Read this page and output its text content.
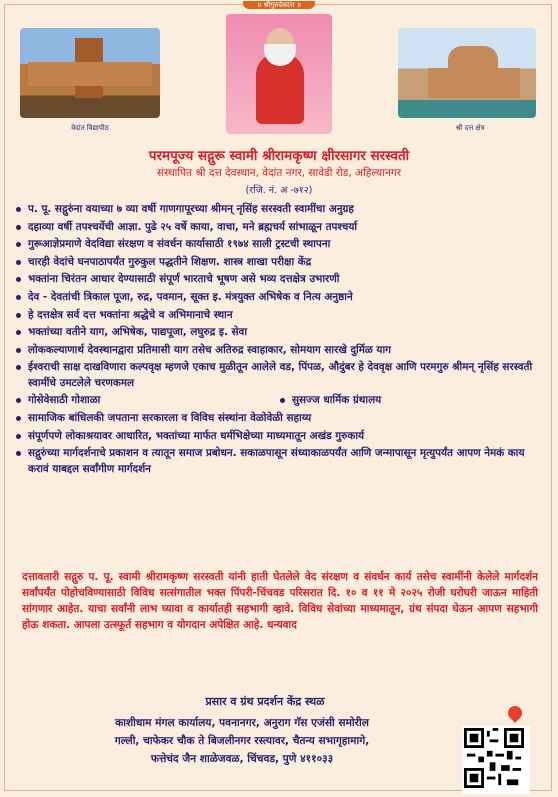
॥ श्रीगुरुदेवदत्त ॥
वेदांत विद्यापीठ	श्री दत्त क्षेत्र
परमपूज्य सद्गुरू स्वामी श्रीरामकृष्ण क्षीरसागर सरस्वती
संस्थापित श्री दत्त देवस्थान, वेदांत नगर, सावेडी रोड, अहिल्यानगर
(रजि. नं. अ -७१२)
प. पू. सद्गुरुंना वयाच्या ७ व्या वर्षी गाणगापूरच्या श्रीमन् नृसिंह सरस्वती स्वामींचा अनुग्रह
दहाव्या वर्षी तपश्चर्येची आज्ञा. पुढे २५ वर्षे काया, वाचा, मने ब्रह्मचर्य सांभाळून तपश्चर्या
गुरूआज्ञेप्रमाणे वेदविद्या संरक्षण व संवर्धन कार्यासाठी १९७४ साली ट्रस्टची स्थापना
चारही वेदांचे घनपाठापर्यंत गुरुकुल पद्धतीने शिक्षण. शास्त्र शाखा परीक्षा केंद्र
भक्तांना चिरंतन आधार देण्यासाठी संपूर्ण भारताचे भूषण असे भव्य दत्तक्षेत्र उभारणी
देव - देवतांची त्रिकाल पूजा, रुद्र, पवमान, सूक्त इ. मंत्रयुक्त अभिषेक व नित्य अनुष्ठाने
हे दत्तक्षेत्र सर्व दत्त भक्तांना श्रद्धेचे व अभिमानाचे स्थान
भक्तांच्या वतीने याग, अभिषेक, पाद्यपूजा, लघुरुद्र इ. सेवा
लोककल्याणार्थ देवस्थानद्वारा प्रतिमासी याग तसेच अतिरुद्र स्वाहाकार, सोमयाग सारखे दुर्मिळ याग
ईश्वराची साक्ष दाखविणारा कल्पवृक्ष म्हणजे एकाच मुळीतून आलेले वड, पिंपळ, औदुंबर हे देववृक्ष आणि परमगुरु श्रीमन् नृसिंह सरस्वती स्वामींचे उमटलेले चरणकमल
गोसेवेसाठी गोशाळा	सुसज्ज धार्मिक ग्रंथालय
सामाजिक बांधिलकी जपताना सरकारला व विविध संस्थांना वेळोवेळी सहाय्य
संपूर्णपणे लोकाश्रयावर आधारित, भक्तांच्या मार्फत धर्मभिक्षेच्या माध्यमातून अखंड गुरुकार्य
सद्गुरुंच्या मार्गदर्शनाचे प्रकाशन व त्यातून समाज प्रबोधन. सकाळपासून संध्याकाळपर्यंत आणि जन्मापासून मृत्युपर्यंत आपण नेमकं काय करावं याबद्दल सर्वांगीण मार्गदर्शन
दत्तावतारी सद्गुरु प. पू. स्वामी श्रीरामकृष्ण सरस्वती यांनी हाती घेतलेले वेद संरक्षण व संवर्धन कार्य तसेच स्वामींनी केलेले मार्गदर्शन सर्वांपर्यंत पोहोचविण्यासाठी विविध सत्संगातील भक्त पिंपरी-चिंचवड परिसरात दि. १० व ११ मे २०२५ रोजी घरोघरी जाऊन माहिती सांगणार आहेत. याचा सर्वांनी लाभ घ्यावा व कार्यातही सहभागी व्हावे. विविध सेवांच्या माध्यमातून, ग्रंथ संपदा घेऊन आपण सहभागी होऊ शकता. आपला उत्स्फूर्त सहभाग व योगदान अपेक्षित आहे. धन्यवाद
प्रसार व ग्रंथ प्रदर्शन केंद्र स्थळ
काशीधाम मंगल कार्यालय, पवनानगर, अनुराग गॅस एजंसी समोरील
गल्ली, चाफेकर चौक ते बिजलीनगर रस्त्यावर, चैतन्य सभागृहामागे,
फत्तेचंद जैन शाळेजवळ, चिंचवड, पुणे ४११०३३
